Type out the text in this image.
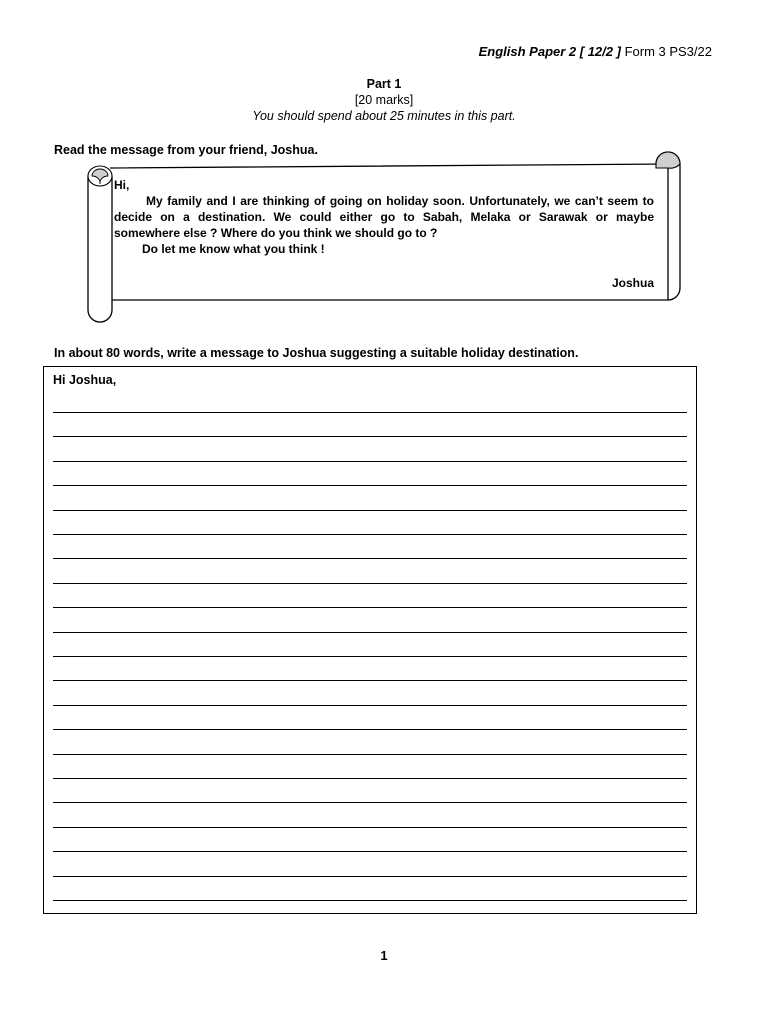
English Paper 2 [ 12/2 ] Form 3 PS3/22
Part 1
[20 marks]
You should spend about 25 minutes in this part.
Read the message from your friend, Joshua.
Hi,

My family and I are thinking of going on holiday soon. Unfortunately, we can’t seem to decide on a destination. We could either go to Sabah, Melaka or Sarawak or maybe somewhere else ? Where do you think we should go to ?

Do let me know what you think !

Joshua
In about 80 words, write a message to Joshua suggesting a suitable holiday destination.
Hi Joshua,
1
